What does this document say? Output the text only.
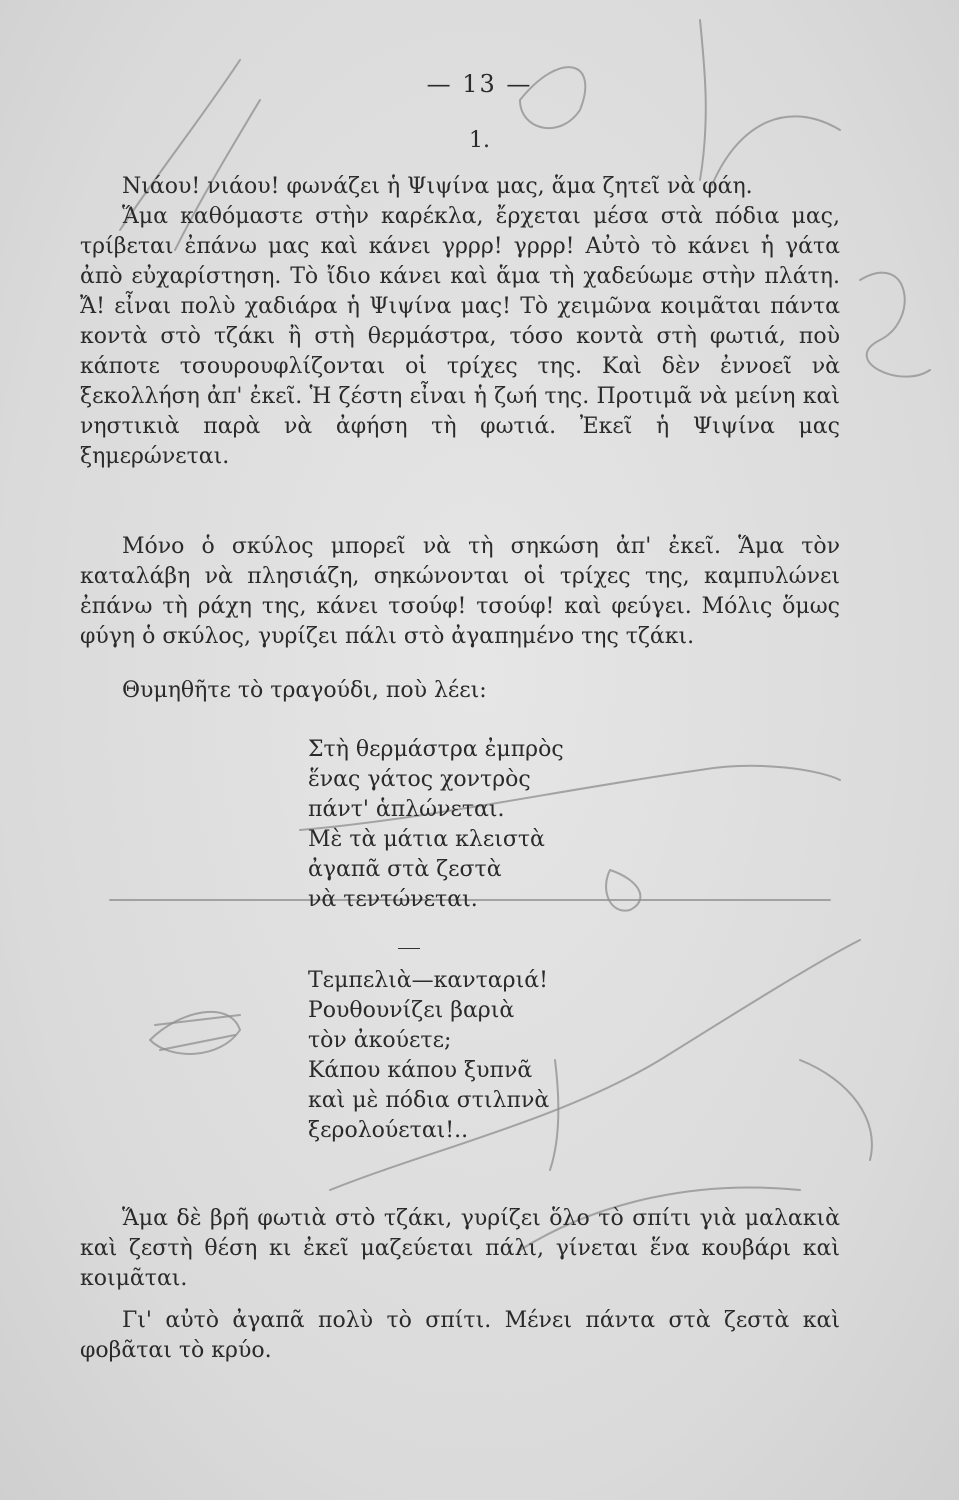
— 13 —
1.

Νιάου! νιάου! φωνάζει ἡ Ψιψίνα μας, ἅμα ζητεῖ νὰ φάη.

Ἅμα καθόμαστε στὴν καρέκλα, ἔρχεται μέσα στὰ πόδια μας, τρίβεται ἐπάνω μας καὶ κάνει γρρρ! γρρρ! Αὐτὸ τὸ κάνει ἡ γάτα ἀπὸ εὐχαρίστηση. Τὸ ἴδιο κάνει καὶ ἅμα τὴ χαδεύωμε στὴν πλάτη. Ἄ! εἶναι πολὺ χαδιάρα ἡ Ψιψίνα μας! Τὸ χειμῶνα κοιμᾶται πάντα κοντὰ στὸ τζάκι ἢ στὴ θερμάστρα, τόσο κοντὰ στὴ φωτιά, ποὺ κάποτε τσουρουφλίζονται οἱ τρίχες της. Καὶ δὲν ἐννοεῖ νὰ ξεκολλήση ἀπ' ἐκεῖ. Ἡ ζέστη εἶναι ἡ ζωή της. Προτιμᾶ νὰ μείνη καὶ νηστικιὰ παρὰ νὰ ἀφήση τὴ φωτιά. Ἐκεῖ ἡ Ψιψίνα μας ξημερώνεται.

Μόνο ὁ σκύλος μπορεῖ νὰ τὴ σηκώση ἀπ' ἐκεῖ. Ἅμα τὸν καταλάβη νὰ πλησιάζη, σηκώνονται οἱ τρίχες της, καμπυλώνει ἐπάνω τὴ ράχη της, κάνει τσούφ! τσούφ! καὶ φεύγει. Μόλις ὅμως φύγη ὁ σκύλος, γυρίζει πάλι στὸ ἀγαπημένο της τζάκι.

Θυμηθῆτε τὸ τραγούδι, ποὺ λέει:

Στὴ θερμάστρα ἐμπρὸς
ἕνας γάτος χοντρὸς
πάντ' ἁπλώνεται.
Μὲ τὰ μάτια κλειστὰ
ἀγαπᾶ στὰ ζεστὰ
νὰ τεντώνεται.
Τεμπελιὰ—κανταριά!
Ρουθουνίζει βαριὰ
τὸν ἀκούετε;
Κάπου κάπου ξυπνᾶ
καὶ μὲ πόδια στιλπνὰ
ξερολούεται!..

Ἅμα δὲ βρῆ φωτιὰ στὸ τζάκι, γυρίζει ὅλο τὸ σπίτι γιὰ μαλακιὰ καὶ ζεστὴ θέση κι ἐκεῖ μαζεύεται πάλι, γίνεται ἕνα κουβάρι καὶ κοιμᾶται.

Γι' αὐτὸ ἀγαπᾶ πολὺ τὸ σπίτι. Μένει πάντα στὰ ζεστὰ καὶ φοβᾶται τὸ κρύο.
